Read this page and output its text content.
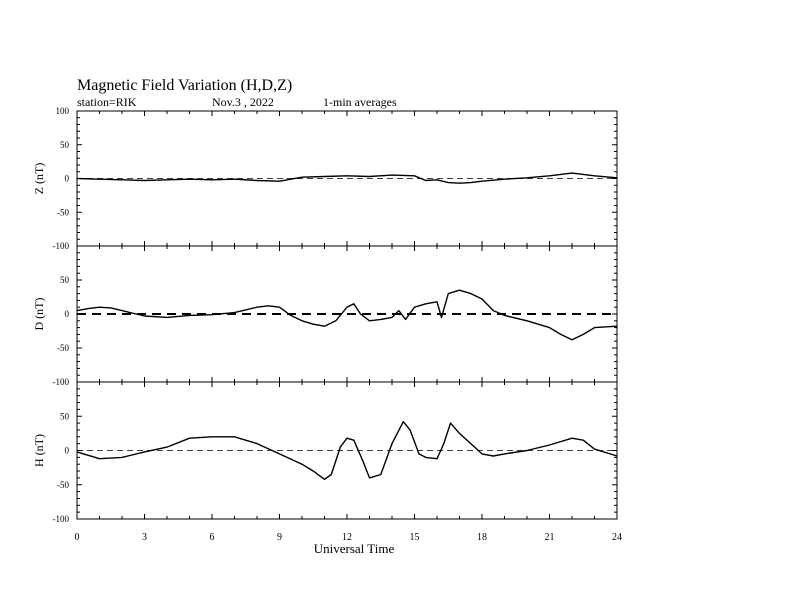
Magnetic Field Variation (H,D,Z)
station=RIK	Nov.3 , 2022	1-min averages
100
50
0
-50
-100
Z (nT)
50
0
-50
-100
D (nT)
50
0
-50
-100
H (nT)
0	3	6	9	12	15	18	21	24
Universal Time
